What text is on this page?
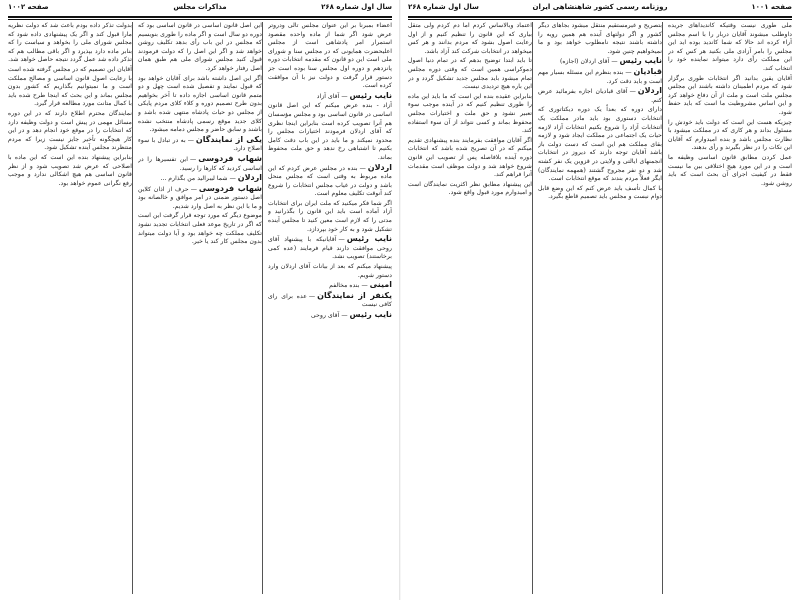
سال اول شماره ۲۶۸
مذاکرات مجلس
صفحه ۱۰۰۲
اعضاء بمبرنا بر این عنوان مجلس تالی ودروتر عرض شود اگر شما از ماده واحده مقصود استمرار امر پادشاهی است از مجلس اعلیحضرت همایونی که در مجلس سنا و شورای ملی است این دو قانون که مقدمه انتخابات دوره پانزدهم و دوره اول مجلس سنا بوده است جز دستور قرار گرفت و دولت نیز با آن موافقت کرده است.
نایب رئیس—آقای آزاد
آزاد - بنده عرض میکنم که این اصل قانون اساسی در قانون اساسی بود و مجلس مؤسسان هم آنرا تصویب کرده است بنابراین اینجا نظری که آقای اردلان فرمودند اختیارات مجلس را محدود نمیکند و ما باید در این باب دقت کامل بکنیم تا اشتباهی رخ ندهد و حق ملت محفوظ بماند.
اردلان—بنده در مجلس عرض کردم که این ماده مربوط به وقتی است که مجلس منحل باشد و دولت در غیاب مجلس انتخابات را شروع کند آنوقت تکلیف معلوم است.
اگر شما فکر میکنید که ملت ایران برای انتخابات آزاد آماده است باید این قانون را بگذرانید و مدتی را که لازم است معین کنید تا مجلس آینده تشکیل شود و به کار خود بپردازد.
نایب رئیس—آقایانیکه با پیشنهاد آقای روحی موافقت دارند قیام فرمایند (عده کمی برخاستند) تصویب نشد.
پیشنهاد میکنم که بعد از بیانات آقای اردلان وارد دستور شویم.
امینی—بنده مخالفم
یکنفر از نمایندگان—عده برای رای کافی نیست
نایب رئیس—آقای روحی
این اصل قانون اساسی در قانون اساسی بود که دوره دو سال است و اگر ماده را طوری بنویسیم که مجلس در این باب رأی بدهد تکلیف روشن خواهد شد و اگر این اصل را که دولت فرمودند قبول کنید مجلس شورای ملی هم طبق همان اصل رفتار خواهد کرد.
اگر این اصل داشته باشد برای آقایان خواهد بود که قبول نمایند و تفصیل شده است چهل و دو متمم قانون اساسی اجازه داده تا آخر بخواهیم بدون طرح تصمیم دوره و کلاء کلای مردم پایکی از مجلس دو حیات پادشاه منتهی شده باشد و کلای جدید موقع رسمی پادشاه منتخب نشده باشند و سابق حاضر و مجلس دمامه میشود.
یکی از نمایندگان—به در تبادل با سوء اصلاح دارد.
شهاب فردوسی—این تفسیرها را در اساسی کردید که کارها را رسید.
اردلان—شما لیبرالید من بگذارم ...
شهاب فردوسی—حرف از اذان کلاین اصل دستور ضمنی در امر موافق و خالصانه بود و ما با این نظر به اصل وارد شدیم.
موضوع دیگر که مورد توجه قرار گرفت این است که اگر در تاریخ موعد فعلی انتخابات تجدید نشود تکلیف مملکت چه خواهد بود و آیا دولت میتواند بدون مجلس کار کند یا خیر.
بدولت تذکر داده بودم باعث شد که دولت نظریه مارا قبول کند و اگر یک پیشنهادی داده شود که مجلس شورای ملی را بخواهد و سیاست را که بنابر ماده دارد بپذیرد و اگر باقی مطالب هم که تذکر داده شد عمل گردد نتیجه حاصل خواهد شد.
آقایان این تصمیم که در مجلس گرفته شده است با رعایت اصول قانون اساسی و مصالح مملکت است و ما نمیتوانیم بگذاریم که کشور بدون مجلس بماند و این بحث که اینجا طرح شده باید با کمال متانت مورد مطالعه قرار گیرد.
نمایندگان محترم اطلاع دارند که در این دوره مسائل مهمی در پیش است و دولت وظیفه دارد که انتخابات را در موقع خود انجام دهد و در این کار هیچگونه تأخیر جایز نیست زیرا که مردم منتظرند مجلس آینده تشکیل شود.
بنابراین پیشنهاد بنده این است که این ماده با اصلاحی که عرض شد تصویب شود و از نظر قانون اساسی هم هیچ اشکالی ندارد و موجب رفع نگرانی عموم خواهد بود.
صفحه ۱۰۰۱
روزنامه رسمی کشور شاهنشاهی ایران
سال اول شماره ۲۶۸
ملی طوری نیست وقتیکه کاندیداهای جریده داوطلب میشوند آقایان دربار را با اسم مجلس آراء کرده اند حالا که شما کاندید بوده اید این مجلس را بامر آزادی ملی بکنید هر کس که در این مملکت رأی دارد میتواند نماینده خود را انتخاب کند.
آقایان یقین بدانید اگر انتخابات طوری برگزار شود که مردم اطمینان داشته باشند این مجلس مجلس ملت است و ملت از آن دفاع خواهد کرد و این اساس مشروطیت ما است که باید حفظ شود.
چیزیکه هست این است که دولت باید خودش را مسئول بداند و هر کاری که در مملکت میشود با نظارت مجلس باشد و بنده امیدوارم که آقایان این نکات را در نظر بگیرند و رأی بدهند.
عمل کردن مطابق قانون اساسی وظیفه ما است و در این مورد هیچ اختلافی بین ما نیست فقط در کیفیت اجرای آن بحث است که باید روشن شود.
بتصریح و غیرمستقیم منتقل میشود بجاهای دیگر کشور و اگر دولتهای آینده هم همین رویه را داشته باشند نتیجه نامطلوب خواهد بود و ما نمیخواهیم چنین شود.
نایب رئیس—آقای اردلان (اجازه)
قبادیان—بنده بنظرم این مسئله بسیار مهم است و باید دقت کرد.
اردلان—آقای قبادیان اجازه بفرمائید عرض کنم.
دارای دوره که بعداً یک دوره دیکتاتوری که انتخابات دستوری بود باید مادر مملکت یک انتخابات آزاد را شروع بکنیم انتخابات آزاد لازمه حیات یک اجتماعی در مملکت ایجاد شود و لازمه بقای مملکت هم این است که دست دولت باز باشد آقایان توجه دارند که دیروز در انتخابات انجمنهای ایالتی و ولایتی در قزوین یک نفر کشته شد و دو نفر مجروح گشتند (همهمه نمایندگان) ایگر فعلاً مردم بندند که موقع انتخابات است.
با کمال تأسف باید عرض کنم که این وضع قابل دوام نیست و مجلس باید تصمیم قاطع بگیرد.
اعتماد وبالاساس کردم اما دم کردم ولی متقل بیاری که این قانون را تنظیم کنیم و از اول رعایت اصول بشود که مردم بدانند و هر کس میخواهد در انتخابات شرکت کند آزاد باشد.
تا باید ابتدا توضیح بدهم که در تمام دنیا اصول دموکراسی همین است که وقتی دوره مجلس تمام میشود باید مجلس جدید تشکیل گردد و در این باره هیچ تردیدی نیست.
بنابراین عقیده بنده این است که ما باید این ماده را طوری تنظیم کنیم که در آینده موجب سوء تعبیر نشود و حق ملت و اختیارات مجلس محفوظ بماند و کسی نتواند از آن سوء استفاده کند.
اگر آقایان موافقت بفرمایند بنده پیشنهادی تقدیم میکنم که در آن تصریح شده باشد که انتخابات دوره آینده بلافاصله پس از تصویب این قانون شروع خواهد شد و دولت موظف است مقدمات آنرا فراهم کند.
این پیشنهاد مطابق نظر اکثریت نمایندگان است و امیدوارم مورد قبول واقع شود.
